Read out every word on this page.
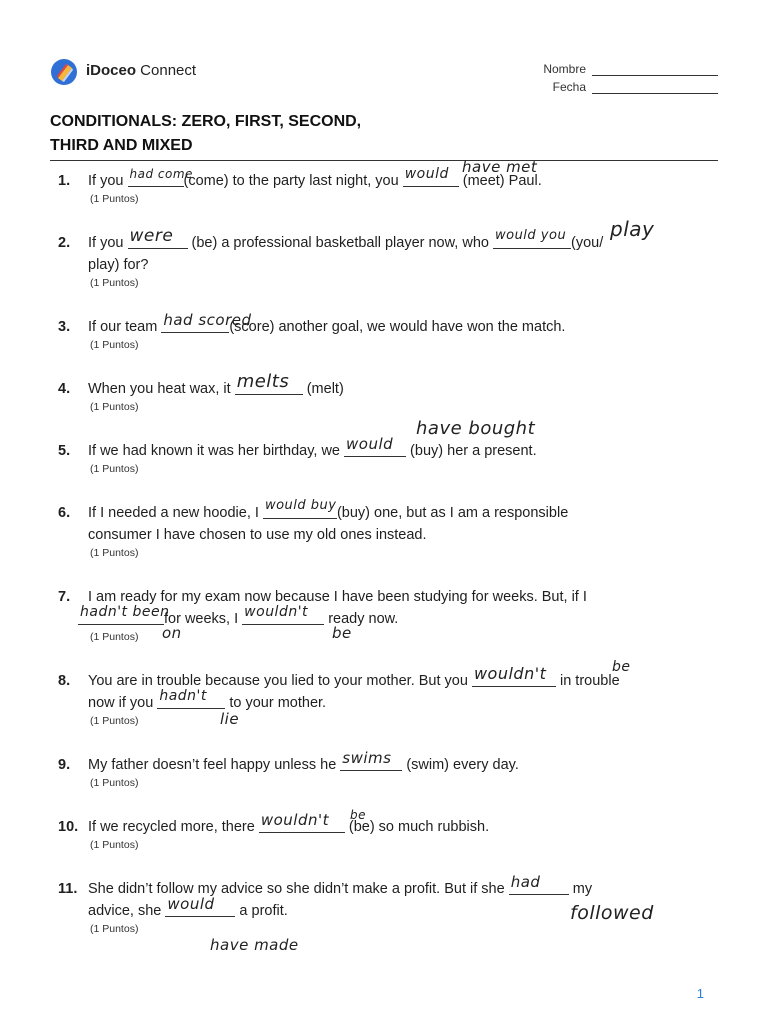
iDoceo Connect	Nombre
Fecha
CONDITIONALS: ZERO, FIRST, SECOND,
THIRD AND MIXED
1. If you had come
(come) to the party last night, you would (meet) Paul.
(1 Puntos)
have met
2. If you were (be) a professional basketball player now, who would you (you/
play) for?
(1 Puntos)
play
3. If our team had scored
(score) another goal, we would have won the match.
(1 Puntos)
4. When you heat wax, it melts (melt)
(1 Puntos)
5. If we had known it was her birthday, we would (buy) her a present.
(1 Puntos)
have bought
6. If I needed a new hoodie, I would buy (buy) one, but as I am a responsible
consumer I have chosen to use my old ones instead.
(1 Puntos)
7. I am ready for my exam now because I have been studying for weeks. But, if I
hadn't been
for weeks, I wouldn't ready now.
(1 Puntos)	on	be
8. You are in trouble because you lied to your mother. But you wouldn't in trouble
now if you hadn't to your mother.
(1 Puntos)
be
lie
9. My father doesn’t feel happy unless he swims (swim) every day.
(1 Puntos)
10. If we recycled more, there wouldn't (be) so much rubbish.
(1 Puntos)
be
11. She didn’t follow my advice so she didn’t make a profit. But if she had my
advice, she would a profit.
(1 Puntos)
followed
have made
1
